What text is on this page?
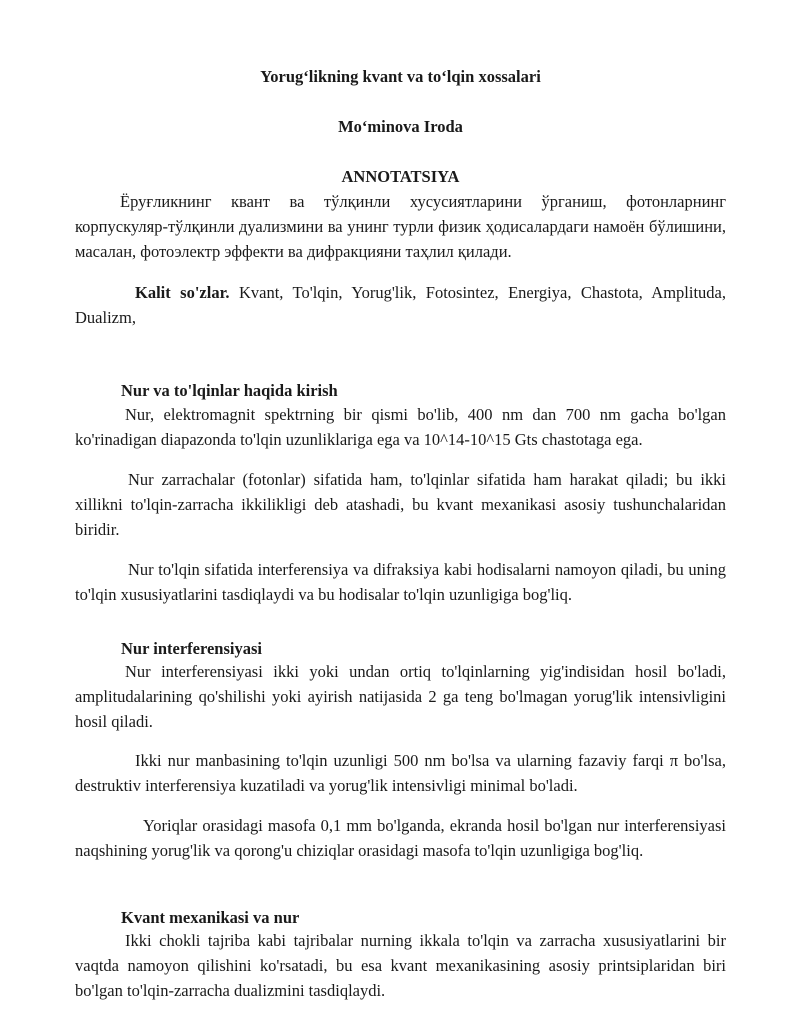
Yorug‘likning kvant va to‘lqin xossalari
Mo‘minova Iroda
ANNOTATSIYA

Ёруғликнинг квант ва тўлқинли хусусиятларини ўрганиш, фотонларнинг корпускуляр-тўлқинли дуализмини ва унинг турли физик ҳодисалардаги намоён бўлишини, масалан, фотоэлектр эффекти ва дифракцияни таҳлил қилади.

Kalit so'zlar. Kvant, To'lqin, Yorug'lik, Fotosintez, Energiya, Chastota, Amplituda, Dualizm,

Nur va to'lqinlar haqida kirish

Nur, elektromagnit spektrning bir qismi bo'lib, 400 nm dan 700 nm gacha bo'lgan ko'rinadigan diapazonda to'lqin uzunliklariga ega va 10^14-10^15 Gts chastotaga ega.

Nur zarrachalar (fotonlar) sifatida ham, to'lqinlar sifatida ham harakat qiladi; bu ikki xillikni to'lqin-zarracha ikkilikligi deb atashadi, bu kvant mexanikasi asosiy tushunchalaridan biridir.

Nur to'lqin sifatida interferensiya va difraksiya kabi hodisalarni namoyon qiladi, bu uning to'lqin xususiyatlarini tasdiqlaydi va bu hodisalar to'lqin uzunligiga bog'liq.

Nur interferensiyasi

Nur interferensiyasi ikki yoki undan ortiq to'lqinlarning yig'indisidan hosil bo'ladi, amplitudalarining qo'shilishi yoki ayirish natijasida 2 ga teng bo'lmagan yorug'lik intensivligini hosil qiladi.

Ikki nur manbasining to'lqin uzunligi 500 nm bo'lsa va ularning fazaviy farqi π bo'lsa, destruktiv interferensiya kuzatiladi va yorug'lik intensivligi minimal bo'ladi.

Yoriqlar orasidagi masofa 0,1 mm bo'lganda, ekranda hosil bo'lgan nur interferensiyasi naqshining yorug'lik va qorong'u chiziqlar orasidagi masofa to'lqin uzunligiga bog'liq.

Kvant mexanikasi va nur

Ikki chokli tajriba kabi tajribalar nurning ikkala to'lqin va zarracha xususiyatlarini bir vaqtda namoyon qilishini ko'rsatadi, bu esa kvant mexanikasining asosiy printsiplaridan biri bo'lgan to'lqin-zarracha dualizmini tasdiqlaydi.
